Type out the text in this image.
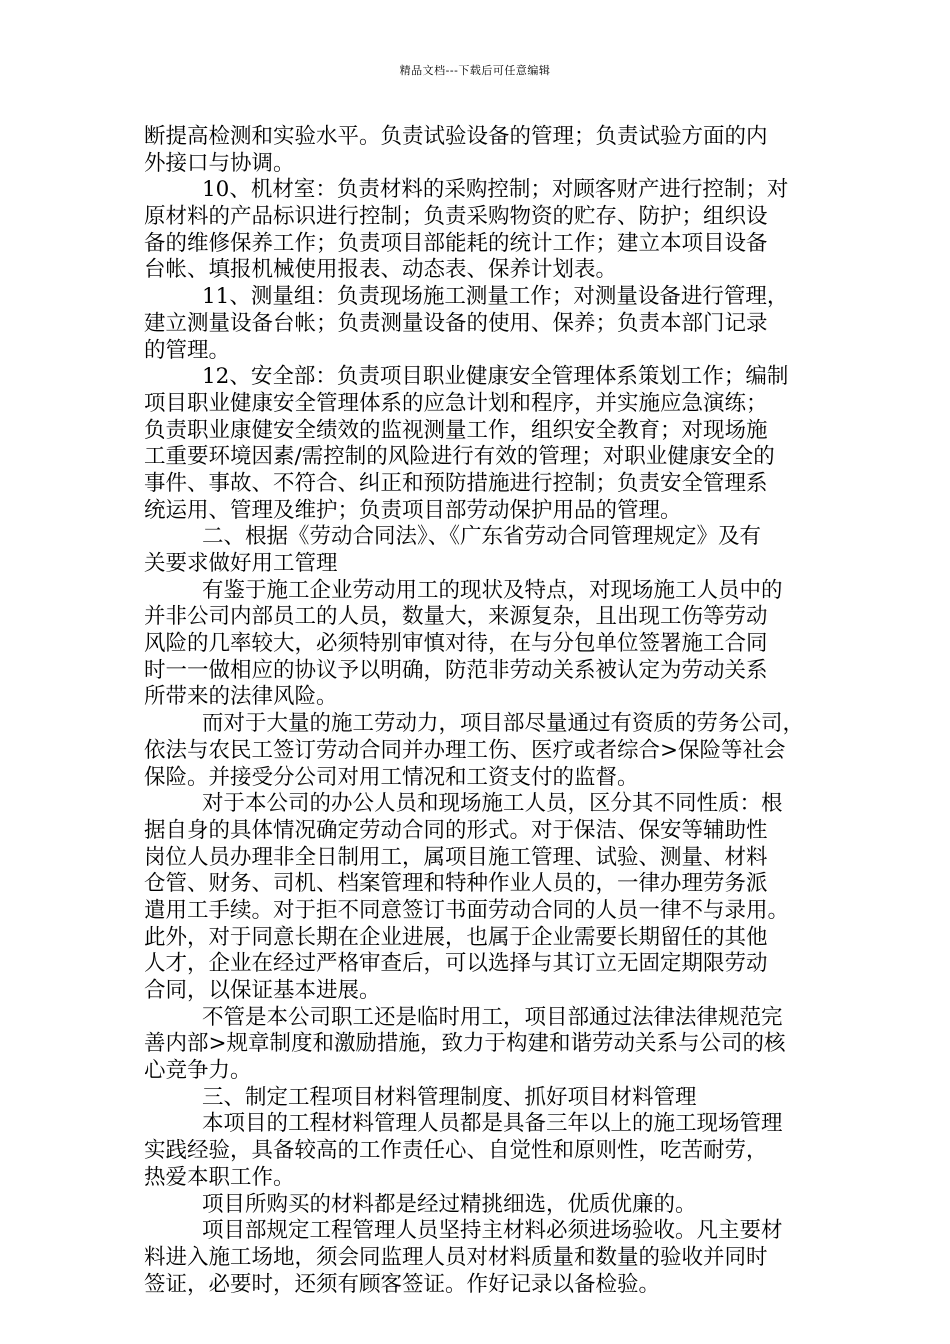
精品文档---下载后可任意编辑
断提高检测和实验水平。负责试验设备的管理；负责试验方面的内
外接口与协调。
10、机材室：负责材料的采购控制；对顾客财产进行控制；对
原材料的产品标识进行控制；负责采购物资的贮存、防护；组织设
备的维修保养工作；负责项目部能耗的统计工作；建立本项目设备
台帐、填报机械使用报表、动态表、保养计划表。
11、测量组：负责现场施工测量工作；对测量设备进行管理，
建立测量设备台帐；负责测量设备的使用、保养；负责本部门记录
的管理。
12、安全部：负责项目职业健康安全管理体系策划工作；编制
项目职业健康安全管理体系的应急计划和程序，并实施应急演练；
负责职业康健安全绩效的监视测量工作，组织安全教育；对现场施
工重要环境因素/需控制的风险进行有效的管理；对职业健康安全的
事件、事故、不符合、纠正和预防措施进行控制；负责安全管理系
统运用、管理及维护；负责项目部劳动保护用品的管理。
二、根据《劳动合同法》、《广东省劳动合同管理规定》及有
关要求做好用工管理
有鉴于施工企业劳动用工的现状及特点，对现场施工人员中的
并非公司内部员工的人员，数量大，来源复杂，且出现工伤等劳动
风险的几率较大，必须特别审慎对待，在与分包单位签署施工合同
时一一做相应的协议予以明确，防范非劳动关系被认定为劳动关系
所带来的法律风险。
而对于大量的施工劳动力，项目部尽量通过有资质的劳务公司，
依法与农民工签订劳动合同并办理工伤、医疗或者综合>保险等社会
保险。并接受分公司对用工情况和工资支付的监督。
对于本公司的办公人员和现场施工人员，区分其不同性质：根
据自身的具体情况确定劳动合同的形式。对于保洁、保安等辅助性
岗位人员办理非全日制用工，属项目施工管理、试验、测量、材料
仓管、财务、司机、档案管理和特种作业人员的，一律办理劳务派
遣用工手续。对于拒不同意签订书面劳动合同的人员一律不与录用。
此外，对于同意长期在企业进展，也属于企业需要长期留任的其他
人才，企业在经过严格审查后，可以选择与其订立无固定期限劳动
合同，以保证基本进展。
不管是本公司职工还是临时用工，项目部通过法律法律规范完
善内部>规章制度和激励措施，致力于构建和谐劳动关系与公司的核
心竞争力。
三、制定工程项目材料管理制度、抓好项目材料管理
本项目的工程材料管理人员都是具备三年以上的施工现场管理
实践经验，具备较高的工作责任心、自觉性和原则性，吃苦耐劳，
热爱本职工作。
项目所购买的材料都是经过精挑细选，优质优廉的。
项目部规定工程管理人员坚持主材料必须进场验收。凡主要材
料进入施工场地，须会同监理人员对材料质量和数量的验收并同时
签证，必要时，还须有顾客签证。作好记录以备检验。
